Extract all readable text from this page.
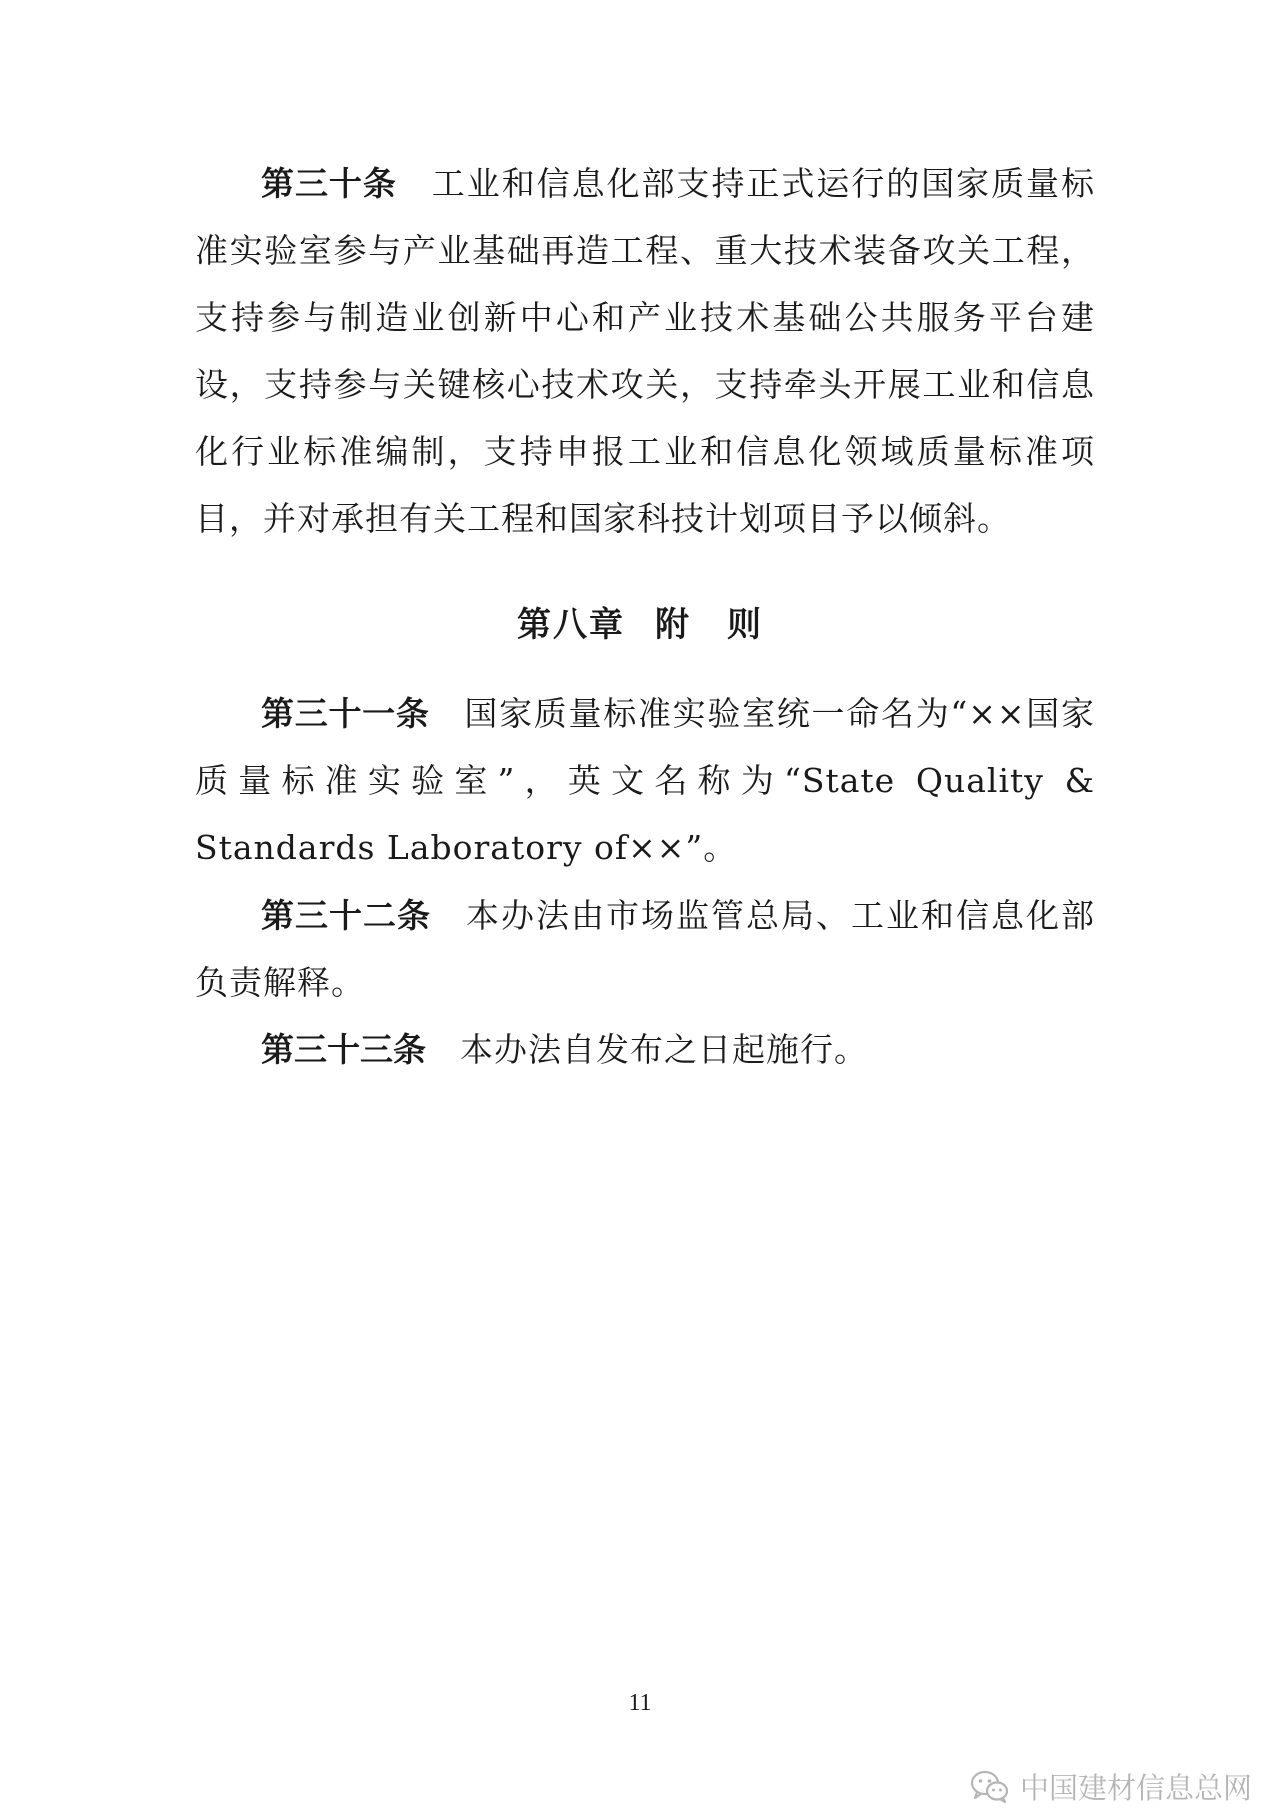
第三十条　 工业和信息化部支持正式运行的国家质量标准实验室参与产业基础再造工程、重大技术装备攻关工程，支持参与制造业创新中心和产业技术基础公共服务平台建设，支持参与关键核心技术攻关，支持牵头开展工业和信息化行业标准编制，支持申报工业和信息化领域质量标准项目，并对承担有关工程和国家科技计划项目予以倾斜。

第八章 附　则

第三十一条　 国家质量标准实验室统一命名为“××国家质量标准实验室”，英文名称为“State Quality & Standards Laboratory of××”。

第三十二条　 本办法由市场监管总局、工业和信息化部负责解释。

第三十三条　 本办法自发布之日起施行。

11
中国建材信息总网
